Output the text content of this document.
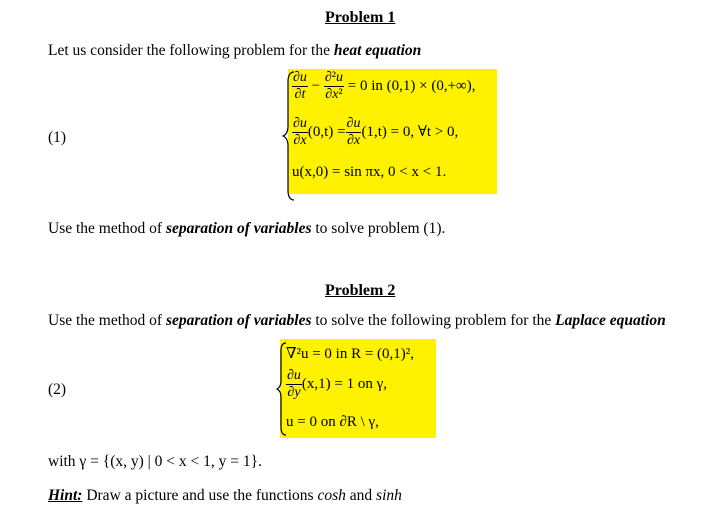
Problem 1
Let us consider the following problem for the heat equation
(1)
$\frac{\partial u}{\partial t} - \frac{\text{∂²u}}{\text{∂x²}} = 0$ in (0,1) × (0,+∞),
$\frac{\partial u}{\partial x} (0,t) = \frac{\partial u}{\partial x} (1,t) = 0$, ∀t > 0,
u(x,0) = sin πx, 0 < x < 1.
Use the method of separation of variables to solve problem (1).
Problem 2
Use the method of separation of variables to solve the following problem for the Laplace equation
(2)
∇²u = 0 in R = (0,1)²,
$\frac{\partial u}{\partial y} (x,1) = 1$ on γ,
u = 0 on ∂R \ γ,
with γ = {(x, y) | 0 < x < 1, y = 1}.
Hint: Draw a picture and use the functions cosh and sinh
